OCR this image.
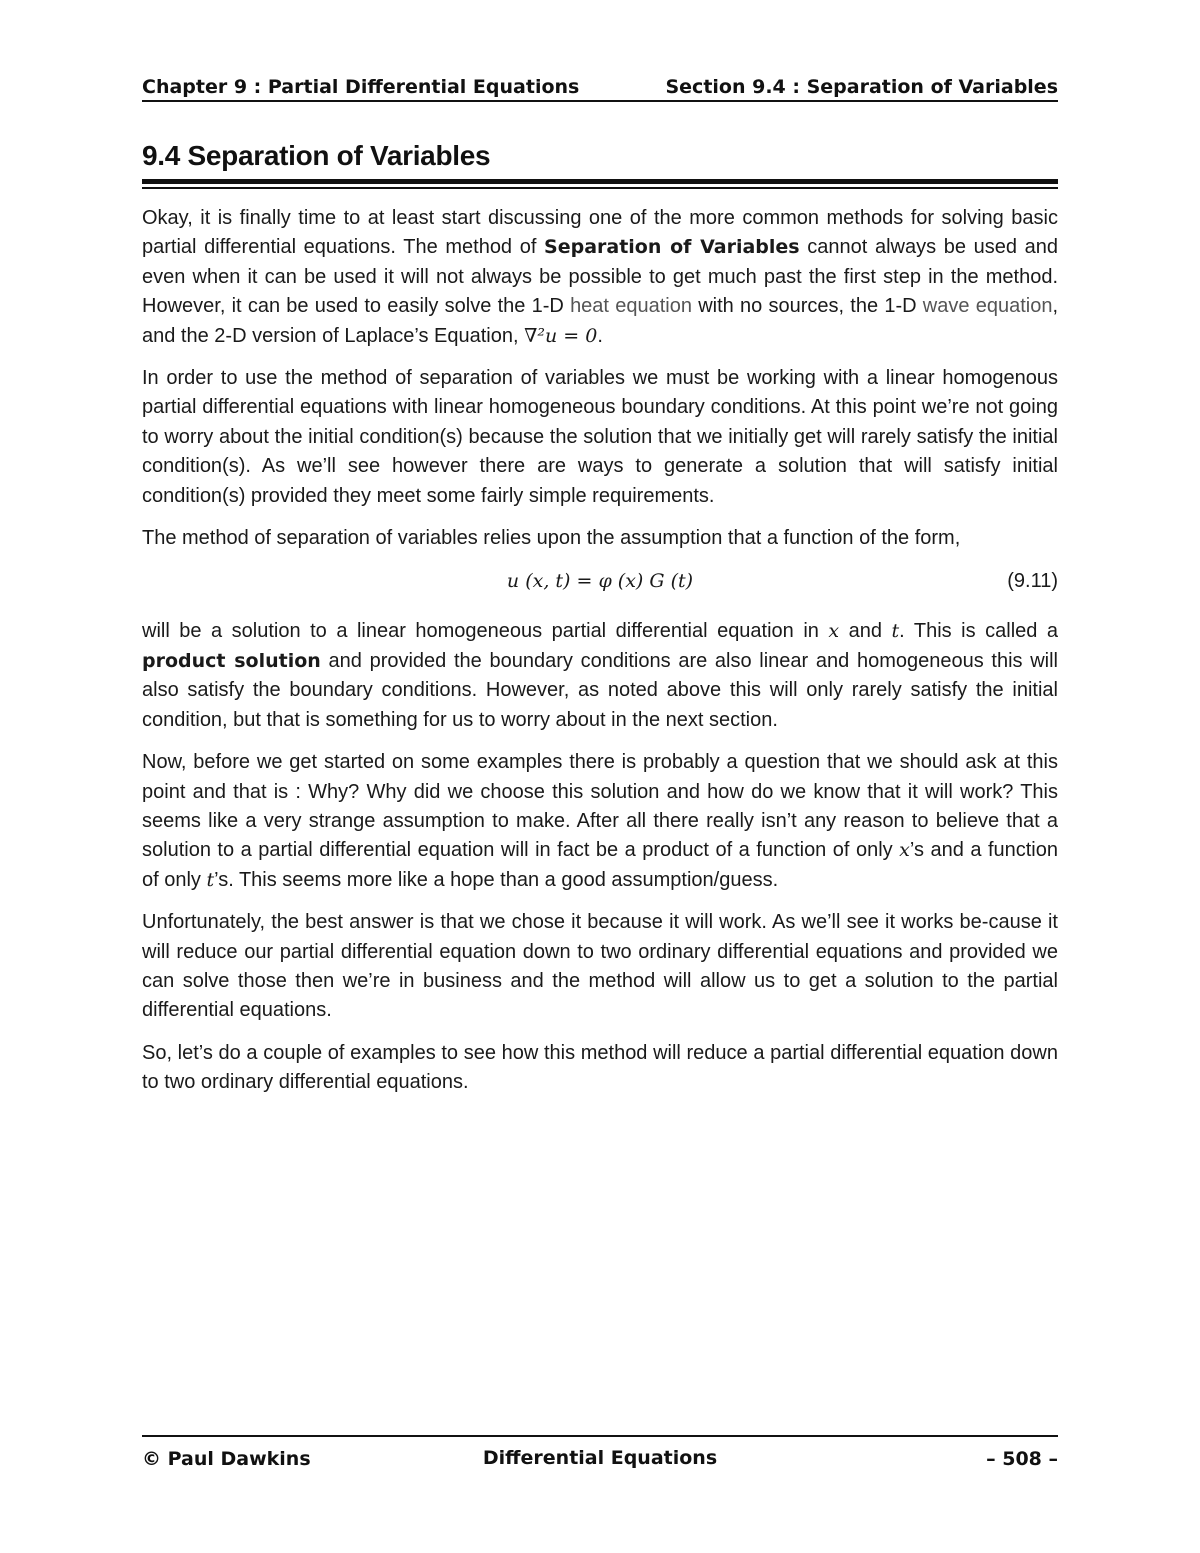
Chapter 9 : Partial Differential Equations	Section 9.4 : Separation of Variables
9.4 Separation of Variables

Okay, it is finally time to at least start discussing one of the more common methods for solving basic partial differential equations. The method of Separation of Variables cannot always be used and even when it can be used it will not always be possible to get much past the first step in the method. However, it can be used to easily solve the 1-D heat equation with no sources, the 1-D wave equation, and the 2-D version of Laplace’s Equation, ∇²u = 0.

In order to use the method of separation of variables we must be working with a linear homogenous partial differential equations with linear homogeneous boundary conditions. At this point we’re not going to worry about the initial condition(s) because the solution that we initially get will rarely satisfy the initial condition(s). As we’ll see however there are ways to generate a solution that will satisfy initial condition(s) provided they meet some fairly simple requirements.

The method of separation of variables relies upon the assumption that a function of the form,

u (x, t) = φ (x) G (t)	(9.11)

will be a solution to a linear homogeneous partial differential equation in x and t. This is called a product solution and provided the boundary conditions are also linear and homogeneous this will also satisfy the boundary conditions. However, as noted above this will only rarely satisfy the initial condition, but that is something for us to worry about in the next section.

Now, before we get started on some examples there is probably a question that we should ask at this point and that is : Why? Why did we choose this solution and how do we know that it will work? This seems like a very strange assumption to make. After all there really isn’t any reason to believe that a solution to a partial differential equation will in fact be a product of a function of only x’s and a function of only t’s. This seems more like a hope than a good assumption/guess.

Unfortunately, the best answer is that we chose it because it will work. As we’ll see it works be-cause it will reduce our partial differential equation down to two ordinary differential equations and provided we can solve those then we’re in business and the method will allow us to get a solution to the partial differential equations.

So, let’s do a couple of examples to see how this method will reduce a partial differential equation down to two ordinary differential equations.

© Paul Dawkins	Differential Equations	– 508 –
